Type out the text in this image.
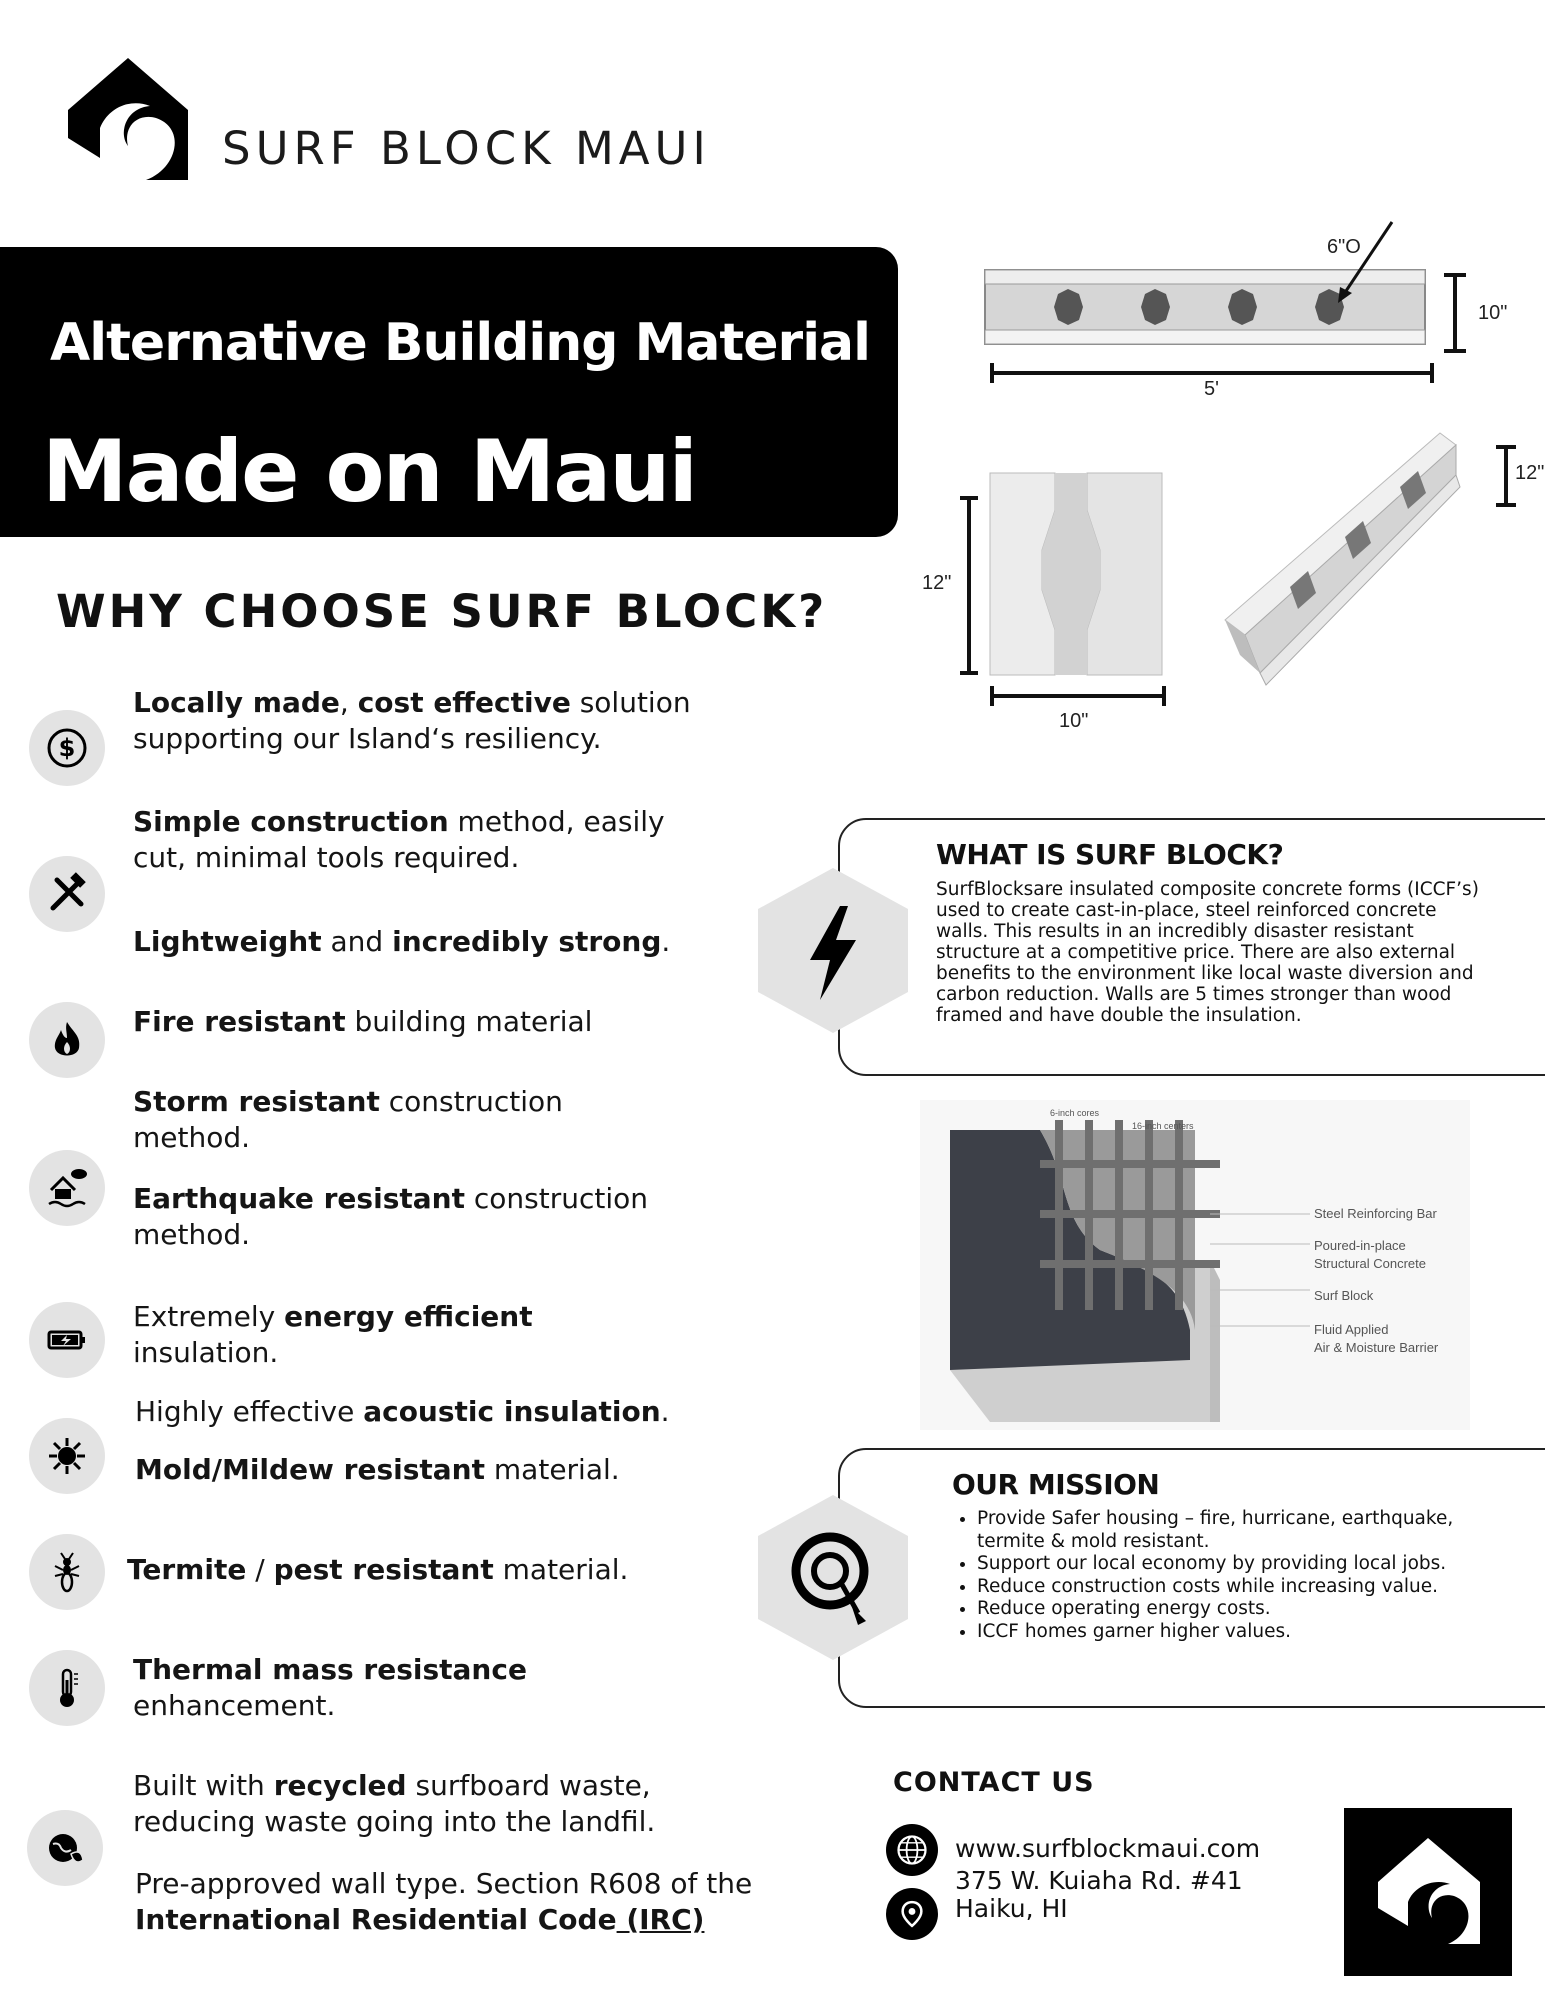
SURF BLOCK MAUI
Alternative Building Material
Made on Maui
WHY CHOOSE SURF BLOCK?
$
Locally made, cost effective solution supporting our Island‘s resiliency.
Simple construction method, easily cut, minimal tools required.
Lightweight and incredibly strong.
Fire resistant building material
Storm resistant construction method.
Earthquake resistant construction method.
Extremely energy efficient insulation.
Highly effective acoustic insulation.
Mold/Mildew resistant material.
Termite / pest resistant material.
Thermal mass resistance enhancement.
Built with recycled surfboard waste, reducing waste going into the landfil.
Pre-approved wall type. Section R608 of the International Residential Code (IRC)
6"O
10"
5'
12"
10"
12"
WHAT IS SURF BLOCK?
SurfBlocksare insulated composite concrete forms (ICCF’s) used to create cast-in-place, steel reinforced concrete walls. This results in an incredibly disaster resistant structure at a competitive price. There are also external benefits to the environment like local waste diversion and carbon reduction. Walls are 5 times stronger than wood framed and have double the insulation.
6-inch cores
16-inch centers
Steel Reinforcing Bar
Poured-in-place
Structural Concrete
Surf Block
Fluid Applied
Air & Moisture Barrier
OUR MISSION
• Provide Safer housing – fire, hurricane, earthquake, termite & mold resistant.
• Support our local economy by providing local jobs.
• Reduce construction costs while increasing value.
• Reduce operating energy costs.
• ICCF homes garner higher values.
CONTACT US
www.surfblockmaui.com
375 W. Kuiaha Rd. #41
Haiku, HI
